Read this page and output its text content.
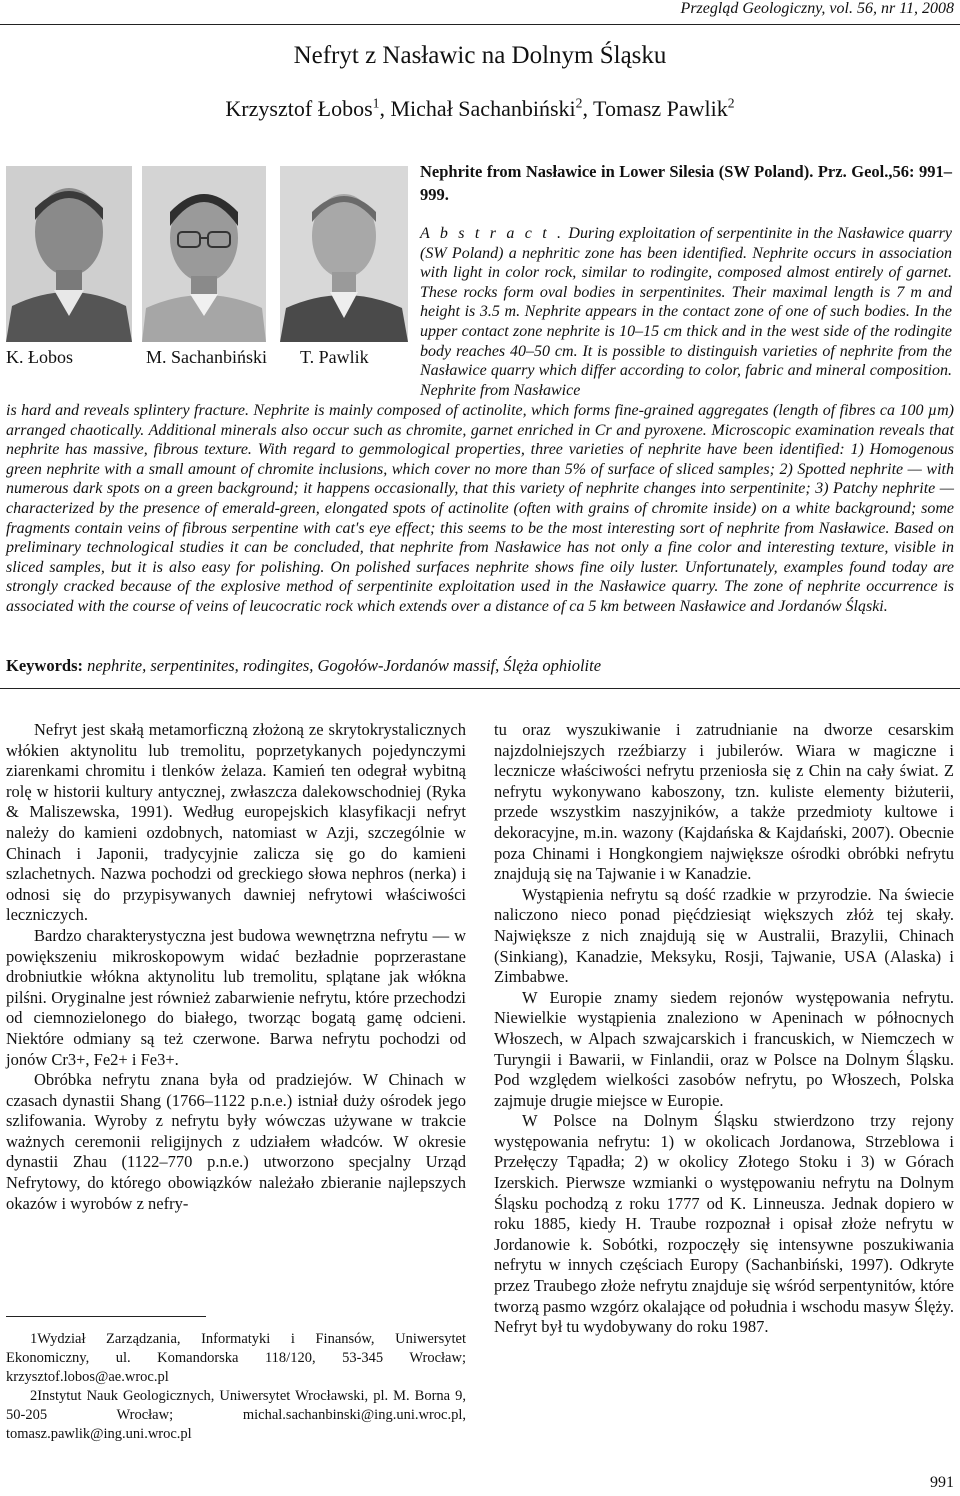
Przegląd Geologiczny, vol. 56, nr 11, 2008
Nefryt z Nasławic na Dolnym Śląsku
Krzysztof Łobos$^1$, Michał Sachanbiński$^2$, Tomasz Pawlik$^2$
K. Łobos	M. Sachanbiński T. Pawlik
Nephrite from Nasławice in Lower Silesia (SW Poland). Prz. Geol.,56: 991–999.
A b s t r a c t . During exploitation of serpentinite in the Nasławice quarry (SW Poland) a nephritic zone has been identified. Nephrite occurs in association with light in color rock, similar to rodingite, composed almost entirely of garnet. These rocks form oval bodies in serpentinites. Their maximal length is 7 m and height is 3.5 m. Nephrite appears in the contact zone of one of such bodies. In the upper contact zone nephrite is 10–15 cm thick and in the west side of the rodingite body reaches 40–50 cm. It is possible to distinguish varieties of nephrite from the Nasławice quarry which differ according to color, fabric and mineral composition. Nephrite from Nasławice
is hard and reveals splintery fracture. Nephrite is mainly composed of actinolite, which forms fine-grained aggregates (length of fibres ca 100 µm) arranged chaotically. Additional minerals also occur such as chromite, garnet enriched in Cr and pyroxene. Microscopic examination reveals that nephrite has massive, fibrous texture. With regard to gemmological properties, three varieties of nephrite have been identified: 1) Homogenous green nephrite with a small amount of chromite inclusions, which cover no more than 5% of surface of sliced samples; 2) Spotted nephrite — with numerous dark spots on a green background; it happens occasionally, that this variety of nephrite changes into serpentinite; 3) Patchy nephrite — characterized by the presence of emerald-green, elongated spots of actinolite (often with grains of chromite inside) on a white background; some fragments contain veins of fibrous serpentine with cat's eye effect; this seems to be the most interesting sort of nephrite from Nasławice. Based on preliminary technological studies it can be concluded, that nephrite from Nasławice has not only a fine color and interesting texture, visible in sliced samples, but it is also easy for polishing. On polished surfaces nephrite shows fine oily luster. Unfortunately, examples found today are strongly cracked because of the explosive method of serpentinite exploitation used in the Nasławice quarry. The zone of nephrite occurrence is associated with the course of veins of leucocratic rock which extends over a distance of ca 5 km between Nasławice and Jordanów Śląski.
Keywords: nephrite, serpentinites, rodingites, Gogołów-Jordanów massif, Ślęża ophiolite

Nefryt jest skałą metamorficzną złożoną ze skrytokrystalicznych włókien aktynolitu lub tremolitu, poprzetykanych pojedynczymi ziarenkami chromitu i tlenków żelaza. Kamień ten odegrał wybitną rolę w historii kultury antycznej, zwłaszcza dalekowschodniej (Ryka & Maliszewska, 1991). Według europejskich klasyfikacji nefryt należy do kamieni ozdobnych, natomiast w Azji, szczególnie w Chinach i Japonii, tradycyjnie zalicza się go do kamieni szlachetnych. Nazwa pochodzi od greckiego słowa nephros (nerka) i odnosi się do przypisywanych dawniej nefrytowi właściwości leczniczych.

Bardzo charakterystyczna jest budowa wewnętrzna nefrytu — w powiększeniu mikroskopowym widać bezładnie poprzerastane drobniutkie włókna aktynolitu lub tremolitu, splątane jak włókna pilśni. Oryginalne jest również zabarwienie nefrytu, które przechodzi od ciemnozielonego do białego, tworząc bogatą gamę odcieni. Niektóre odmiany są też czerwone. Barwa nefrytu pochodzi od jonów Cr3+, Fe2+ i Fe3+.

Obróbka nefrytu znana była od pradziejów. W Chinach w czasach dynastii Shang (1766–1122 p.n.e.) istniał duży ośrodek jego szlifowania. Wyroby z nefrytu były wówczas używane w trakcie ważnych ceremonii religijnych z udziałem władców. W okresie dynastii Zhau (1122–770 p.n.e.) utworzono specjalny Urząd Nefrytowy, do którego obowiązków należało zbieranie najlepszych okazów i wyrobów z nefry-

tu oraz wyszukiwanie i zatrudnianie na dworze cesarskim najzdolniejszych rzeźbiarzy i jubilerów. Wiara w magiczne i lecznicze właściwości nefrytu przeniosła się z Chin na cały świat. Z nefrytu wykonywano kaboszony, tzn. kuliste elementy biżuterii, przede wszystkim naszyjników, a także przedmioty kultowe i dekoracyjne, m.in. wazony (Kajdańska & Kajdański, 2007). Obecnie poza Chinami i Hongkongiem największe ośrodki obróbki nefrytu znajdują się na Tajwanie i w Kanadzie.

Wystąpienia nefrytu są dość rzadkie w przyrodzie. Na świecie naliczono nieco ponad pięćdziesiąt większych złóż tej skały. Największe z nich znajdują się w Australii, Brazylii, Chinach (Sinkiang), Kanadzie, Meksyku, Rosji, Tajwanie, USA (Alaska) i Zimbabwe.

W Europie znamy siedem rejonów występowania nefrytu. Niewielkie wystąpienia znaleziono w Apeninach w północnych Włoszech, w Alpach szwajcarskich i francuskich, w Niemczech w Turyngii i Bawarii, w Finlandii, oraz w Polsce na Dolnym Śląsku. Pod względem wielkości zasobów nefrytu, po Włoszech, Polska zajmuje drugie miejsce w Europie.

W Polsce na Dolnym Śląsku stwierdzono trzy rejony występowania nefrytu: 1) w okolicach Jordanowa, Strzeblowa i Przełęczy Tąpadła; 2) w okolicy Złotego Stoku i 3) w Górach Izerskich. Pierwsze wzmianki o występowaniu nefrytu na Dolnym Śląsku pochodzą z roku 1777 od K. Linneusza. Jednak dopiero w roku 1885, kiedy H. Traube rozpoznał i opisał złoże nefrytu w Jordanowie k. Sobótki, rozpoczęły się intensywne poszukiwania nefrytu w innych częściach Europy (Sachanbiński, 1997). Odkryte przez Traubego złoże nefrytu znajduje się wśród serpentynitów, które tworzą pasmo wzgórz okalające od południa i wschodu masyw Ślęży. Nefryt był tu wydobywany do roku 1987.

1Wydział Zarządzania, Informatyki i Finansów, Uniwersytet Ekonomiczny, ul. Komandorska 118/120, 53-345 Wrocław; krzysztof.lobos@ae.wroc.pl

2Instytut Nauk Geologicznych, Uniwersytet Wrocławski, pl. M. Borna 9, 50-205 Wrocław; michal.sachanbinski@ing.uni.wroc.pl, tomasz.pawlik@ing.uni.wroc.pl

991
